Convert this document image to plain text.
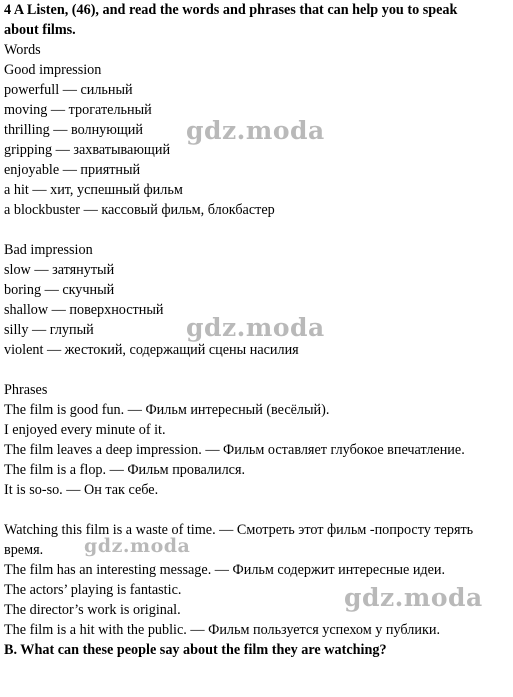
4 A Listen, (46), and read the words and phrases that can help you to speak
about films.
Words
Good impression
powerfull — сильный
moving — трогательный
thrilling — волнующий
gripping — захватывающий
enjoyable — приятный
a hit — хит, успешный фильм
a blockbuster — кассовый фильм, блокбастер
Bad impression
slow — затянутый
boring — скучный
shallow — поверхностный
silly — глупый
violent — жестокий, содержащий сцены насилия
Phrases
The film is good fun. — Фильм интересный (весёлый).
I enjoyed every minute of it.
The film leaves a deep impression. — Фильм оставляет глубокое впечатление.
The film is a flop. — Фильм провалился.
It is so-so. — Он так себе.
Watching this film is a waste of time. — Смотреть этот фильм -попросту терять
время.
The film has an interesting message. — Фильм содержит интересные идеи.
The actors’ playing is fantastic.
The director’s work is original.
The film is a hit with the public. — Фильм пользуется успехом у публики.
B. What can these people say about the film they are watching?
gdz.moda
gdz.moda
gdz.moda
gdz.moda
